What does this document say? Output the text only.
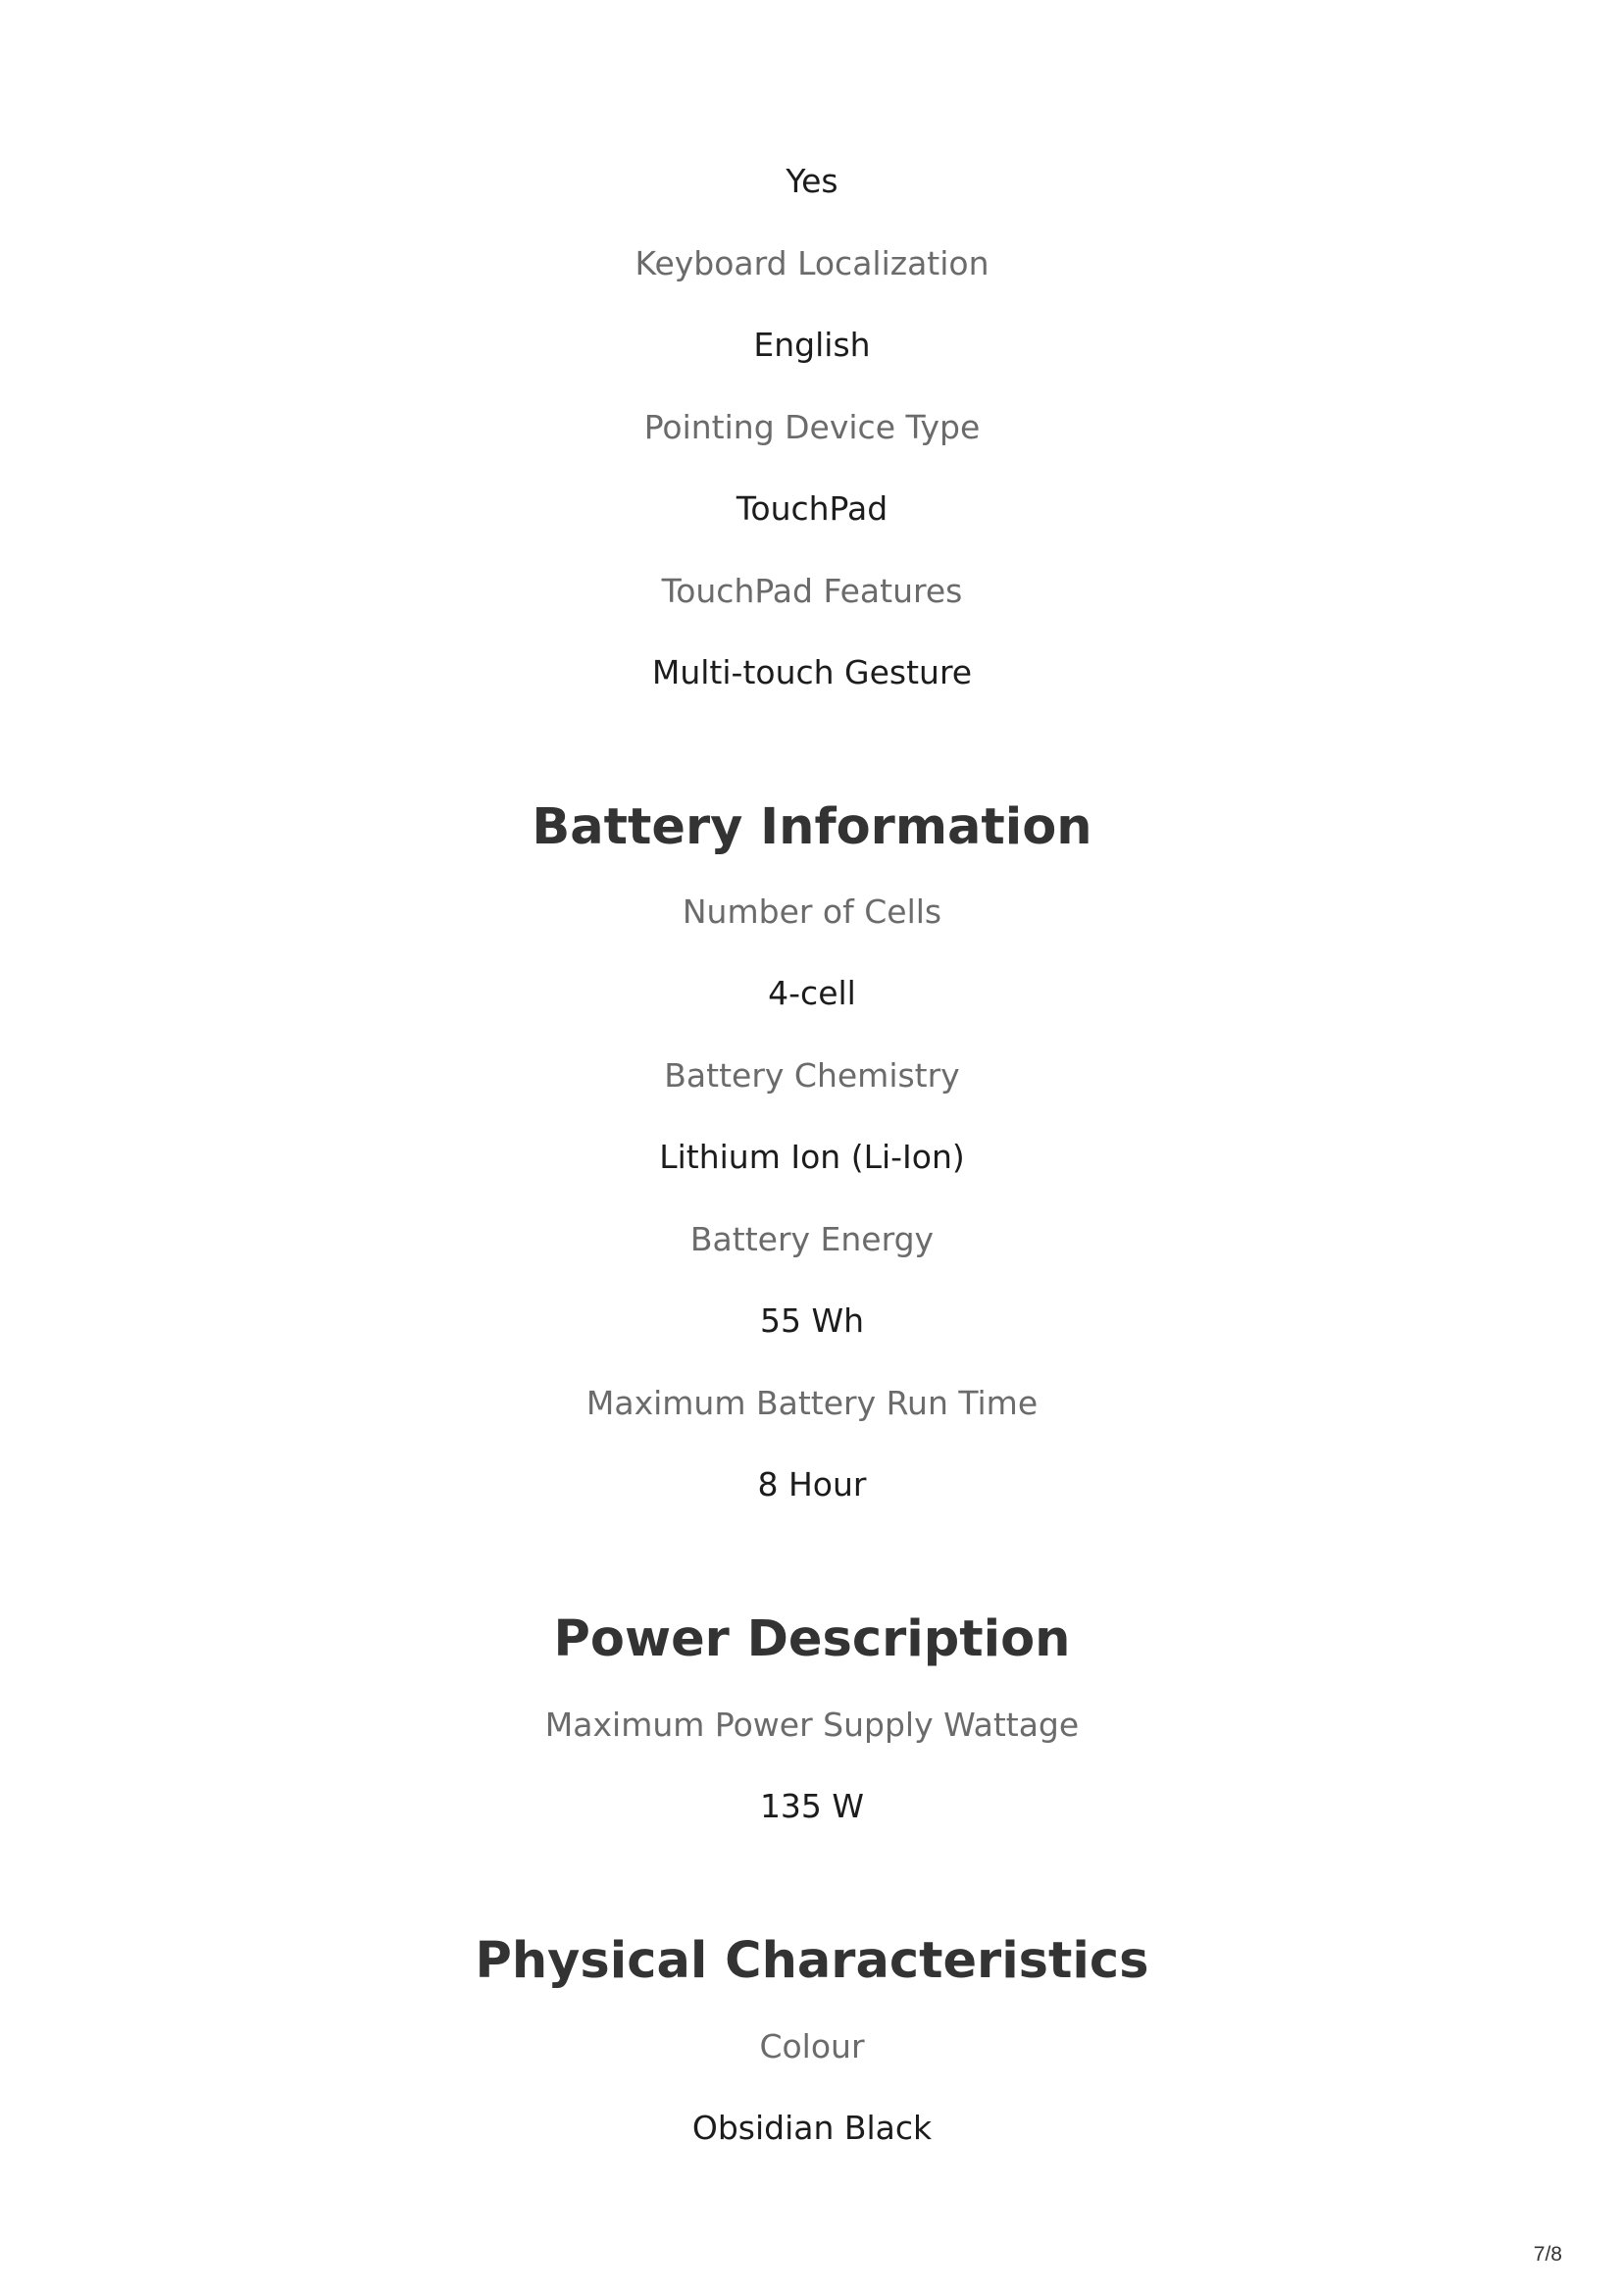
Yes
Keyboard Localization
English
Pointing Device Type
TouchPad
TouchPad Features
Multi-touch Gesture
Battery Information
Number of Cells
4-cell
Battery Chemistry
Lithium Ion (Li-Ion)
Battery Energy
55 Wh
Maximum Battery Run Time
8 Hour
Power Description
Maximum Power Supply Wattage
135 W
Physical Characteristics
Colour
Obsidian Black
7/8
